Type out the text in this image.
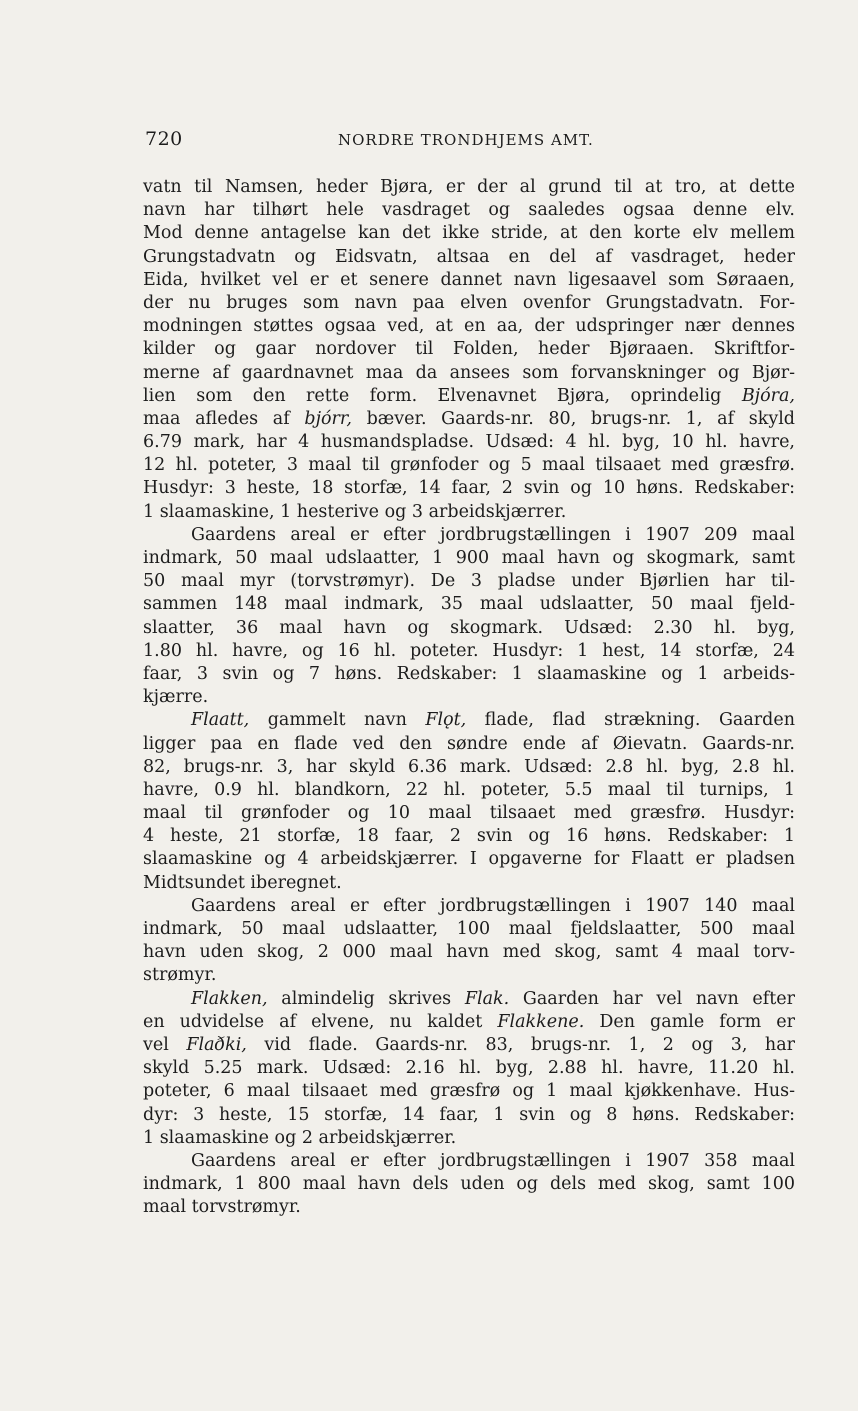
720	NORDRE TRONDHJEMS AMT.
vatn til Namsen, heder Bjøra, er der al grund til at tro, at dette
navn har tilhørt hele vasdraget og saaledes ogsaa denne elv.
Mod denne antagelse kan det ikke stride, at den korte elv mellem
Grungstadvatn og Eidsvatn, altsaa en del af vasdraget, heder
Eida, hvilket vel er et senere dannet navn ligesaavel som Søraaen,
der nu bruges som navn paa elven ovenfor Grungstadvatn. For-
modningen støttes ogsaa ved, at en aa, der udspringer nær dennes
kilder og gaar nordover til Folden, heder Bjøraaen. Skriftfor-
merne af gaardnavnet maa da ansees som forvanskninger og Bjør-
lien som den rette form. Elvenavnet Bjøra, oprindelig Bjóra,
maa afledes af bjórr, bæver. Gaards-nr. 80, brugs-nr. 1, af skyld
6.79 mark, har 4 husmandspladse. Udsæd: 4 hl. byg, 10 hl. havre,
12 hl. poteter, 3 maal til grønfoder og 5 maal tilsaaet med græsfrø.
Husdyr: 3 heste, 18 storfæ, 14 faar, 2 svin og 10 høns. Redskaber:
1 slaamaskine, 1 hesterive og 3 arbeidskjærrer.
Gaardens areal er efter jordbrugstællingen i 1907 209 maal
indmark, 50 maal udslaatter, 1 900 maal havn og skogmark, samt
50 maal myr (torvstrømyr). De 3 pladse under Bjørlien har til-
sammen 148 maal indmark, 35 maal udslaatter, 50 maal fjeld-
slaatter, 36 maal havn og skogmark. Udsæd: 2.30 hl. byg,
1.80 hl. havre, og 16 hl. poteter. Husdyr: 1 hest, 14 storfæ, 24
faar, 3 svin og 7 høns. Redskaber: 1 slaamaskine og 1 arbeids-
kjærre.
Flaatt, gammelt navn Flǫt, flade, flad strækning. Gaarden
ligger paa en flade ved den søndre ende af Øievatn. Gaards-nr.
82, brugs-nr. 3, har skyld 6.36 mark. Udsæd: 2.8 hl. byg, 2.8 hl.
havre, 0.9 hl. blandkorn, 22 hl. poteter, 5.5 maal til turnips, 1
maal til grønfoder og 10 maal tilsaaet med græsfrø. Husdyr:
4 heste, 21 storfæ, 18 faar, 2 svin og 16 høns. Redskaber: 1
slaamaskine og 4 arbeidskjærrer. I opgaverne for Flaatt er pladsen
Midtsundet iberegnet.
Gaardens areal er efter jordbrugstællingen i 1907 140 maal
indmark, 50 maal udslaatter, 100 maal fjeldslaatter, 500 maal
havn uden skog, 2 000 maal havn med skog, samt 4 maal torv-
strømyr.
Flakken, almindelig skrives Flak. Gaarden har vel navn efter
en udvidelse af elvene, nu kaldet Flakkene. Den gamle form er
vel Flaðki, vid flade. Gaards-nr. 83, brugs-nr. 1, 2 og 3, har
skyld 5.25 mark. Udsæd: 2.16 hl. byg, 2.88 hl. havre, 11.20 hl.
poteter, 6 maal tilsaaet med græsfrø og 1 maal kjøkkenhave. Hus-
dyr: 3 heste, 15 storfæ, 14 faar, 1 svin og 8 høns. Redskaber:
1 slaamaskine og 2 arbeidskjærrer.
Gaardens areal er efter jordbrugstællingen i 1907 358 maal
indmark, 1 800 maal havn dels uden og dels med skog, samt 100
maal torvstrømyr.
